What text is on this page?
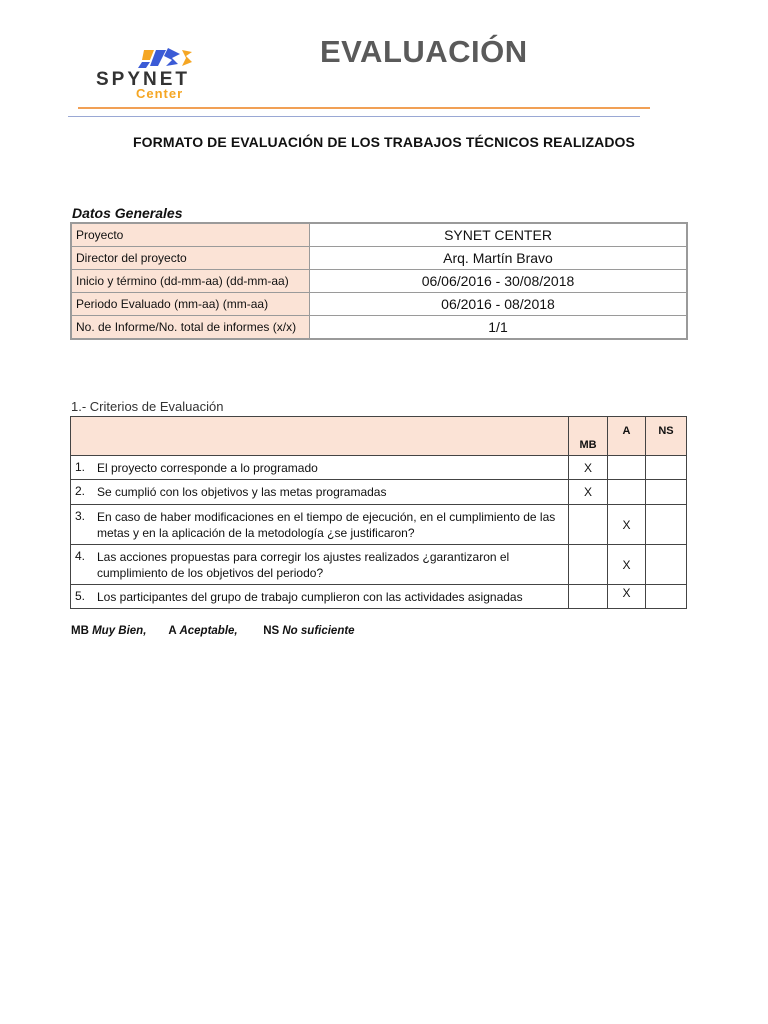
SPYNET
Center
EVALUACIÓN
FORMATO DE EVALUACIÓN DE LOS TRABAJOS TÉCNICOS REALIZADOS
Datos Generales
Proyecto	SYNET CENTER
Director del proyecto	Arq. Martín Bravo
Inicio y término (dd-mm-aa) (dd-mm-aa)	06/06/2016 - 30/08/2018
Periodo Evaluado (mm-aa) (mm-aa)	06/2016 - 08/2018
No. de Informe/No. total de informes (x/x)	1/1
1.- Criterios de Evaluación
		MB	A	NS
1.	El proyecto corresponde a lo programado	X		
2.	Se cumplió con los objetivos y las metas programadas	X		
3.	En caso de haber modificaciones en el tiempo de ejecución, en el cumplimiento de las metas y en la aplicación de la metodología ¿se justificaron?		X	
4.	Las acciones propuestas para corregir los ajustes realizados ¿garantizaron el cumplimiento de los objetivos del periodo?		X	
5.	Los participantes del grupo de trabajo cumplieron con las actividades asignadas		X	
MB Muy Bien, A Aceptable, NS No suficiente
